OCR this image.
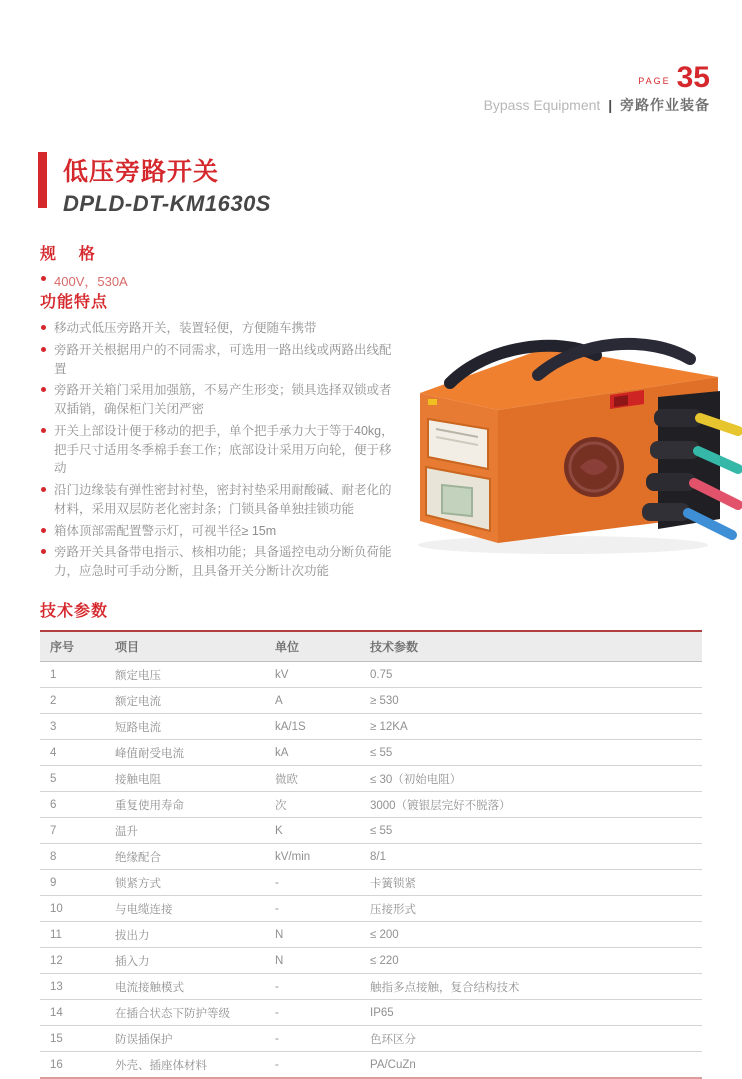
PAGE 35
Bypass Equipment | 旁路作业装备
低压旁路开关
DPLD-DT-KM1630S
规    格
400V，530A
功能特点
移动式低压旁路开关，装置轻便，方便随车携带
旁路开关根据用户的不同需求，可选用一路出线或两路出线配置
旁路开关箱门采用加强筋，不易产生形变；锁具选择双锁或者双插销，确保柜门关闭严密
开关上部设计便于移动的把手，单个把手承力大于等于40kg，把手尺寸适用冬季棉手套工作；底部设计采用万向轮，便于移动
沿门边缘装有弹性密封衬垫，密封衬垫采用耐酸碱、耐老化的材料，采用双层防老化密封条；门锁具备单独挂锁功能
箱体顶部需配置警示灯，可视半径≥ 15m
旁路开关具备带电指示、核相功能；具备遥控电动分断负荷能力，应急时可手动分断，且具备开关分断计次功能
技术参数
序号	项目	单位	技术参数
1	额定电压	kV	0.75
2	额定电流	A	≥ 530
3	短路电流	kA/1S	≥ 12KA
4	峰值耐受电流	kA	≤ 55
5	接触电阻	微欧	≤ 30（初始电阻）
6	重复使用寿命	次	3000（镀银层完好不脱落）
7	温升	K	≤ 55
8	绝缘配合	kV/min	8/1
9	锁紧方式	-	卡簧锁紧
10	与电缆连接	-	压接形式
11	拔出力	N	≤ 200
12	插入力	N	≤ 220
13	电流接触模式	-	触指多点接触，复合结构技术
14	在插合状态下防护等级	-	IP65
15	防误插保护	-	色环区分
16	外壳、插座体材料	-	PA/CuZn
